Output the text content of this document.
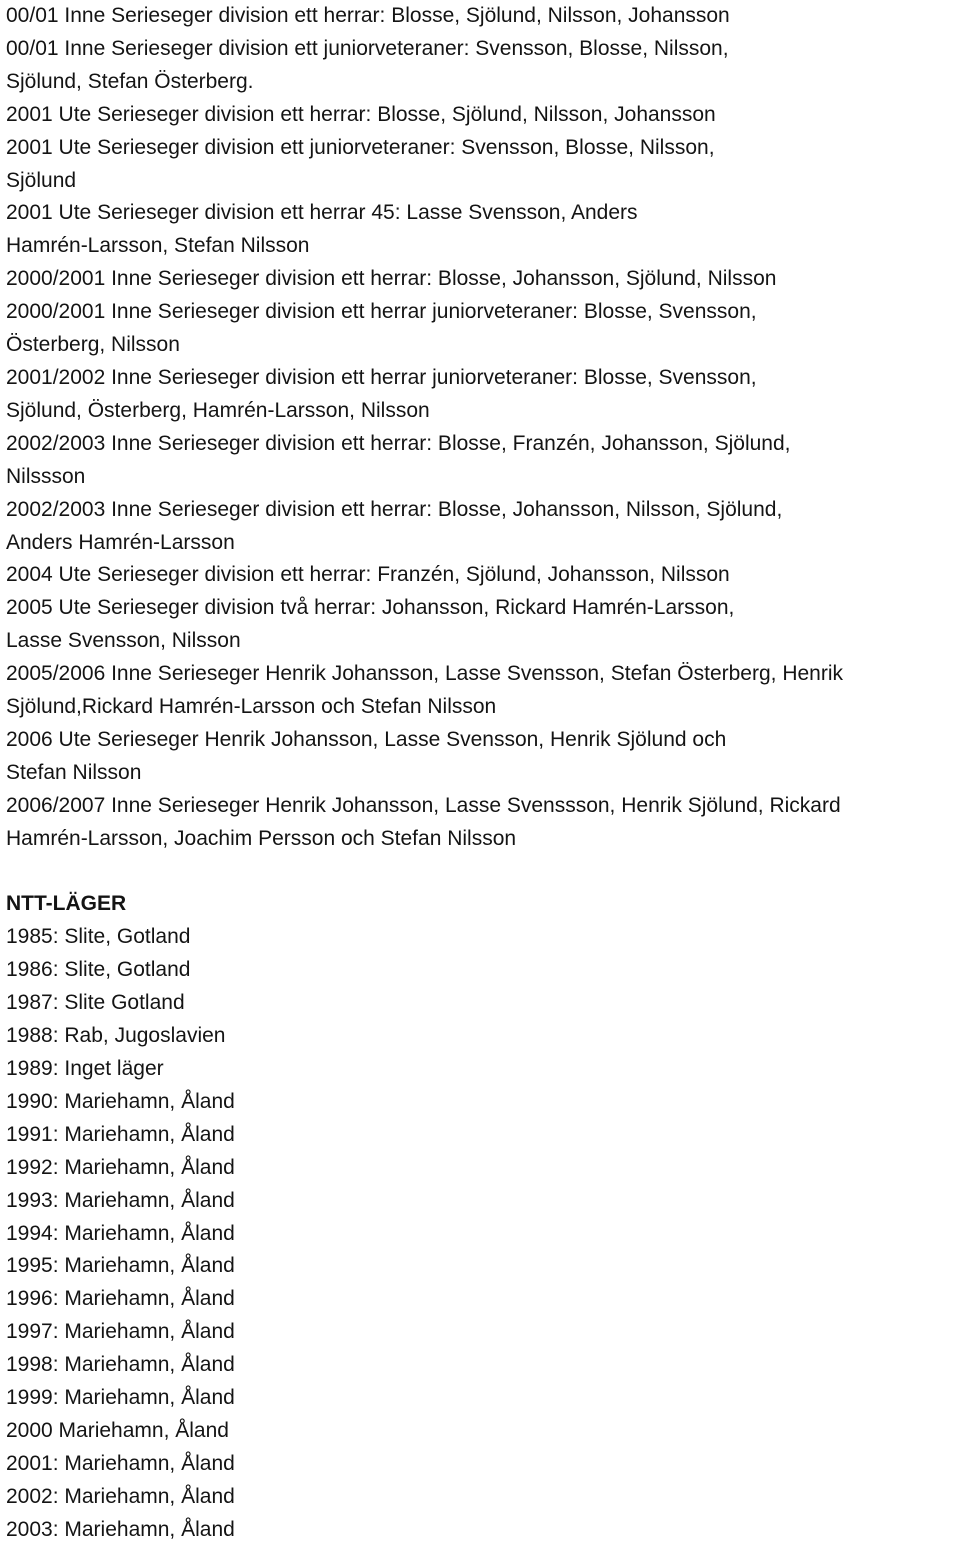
00/01 Inne Serieseger division ett herrar: Blosse, Sjölund, Nilsson, Johansson
00/01 Inne Serieseger division ett juniorveteraner: Svensson, Blosse, Nilsson,
Sjölund, Stefan Österberg.
2001 Ute Serieseger division ett herrar: Blosse, Sjölund, Nilsson, Johansson
2001 Ute Serieseger division ett juniorveteraner: Svensson, Blosse, Nilsson,
Sjölund
2001 Ute Serieseger division ett herrar 45: Lasse Svensson, Anders
Hamrén-Larsson, Stefan Nilsson
2000/2001 Inne Serieseger division ett herrar: Blosse, Johansson, Sjölund, Nilsson
2000/2001 Inne Serieseger division ett herrar juniorveteraner: Blosse, Svensson,
Österberg, Nilsson
2001/2002 Inne Serieseger division ett herrar juniorveteraner: Blosse, Svensson,
Sjölund, Österberg, Hamrén-Larsson, Nilsson
2002/2003 Inne Serieseger division ett herrar: Blosse, Franzén, Johansson, Sjölund,
Nilssson
2002/2003 Inne Serieseger division ett herrar: Blosse, Johansson, Nilsson, Sjölund,
Anders Hamrén-Larsson
2004 Ute Serieseger division ett herrar: Franzén, Sjölund, Johansson, Nilsson
2005 Ute Serieseger division två herrar: Johansson, Rickard Hamrén-Larsson,
Lasse Svensson, Nilsson
2005/2006 Inne Serieseger Henrik Johansson, Lasse Svensson, Stefan Österberg, Henrik
Sjölund,Rickard Hamrén-Larsson och Stefan Nilsson
2006 Ute Serieseger Henrik Johansson, Lasse Svensson, Henrik Sjölund och
Stefan Nilsson
2006/2007 Inne Serieseger Henrik Johansson, Lasse Svenssson, Henrik Sjölund, Rickard
Hamrén-Larsson, Joachim Persson och Stefan Nilsson
NTT-LÄGER
1985: Slite, Gotland
1986: Slite, Gotland
1987: Slite Gotland
1988: Rab, Jugoslavien
1989: Inget läger
1990: Mariehamn, Åland
1991: Mariehamn, Åland
1992: Mariehamn, Åland
1993: Mariehamn, Åland
1994: Mariehamn, Åland
1995: Mariehamn, Åland
1996: Mariehamn, Åland
1997: Mariehamn, Åland
1998: Mariehamn, Åland
1999: Mariehamn, Åland
2000 Mariehamn, Åland
2001: Mariehamn, Åland
2002: Mariehamn, Åland
2003: Mariehamn, Åland
